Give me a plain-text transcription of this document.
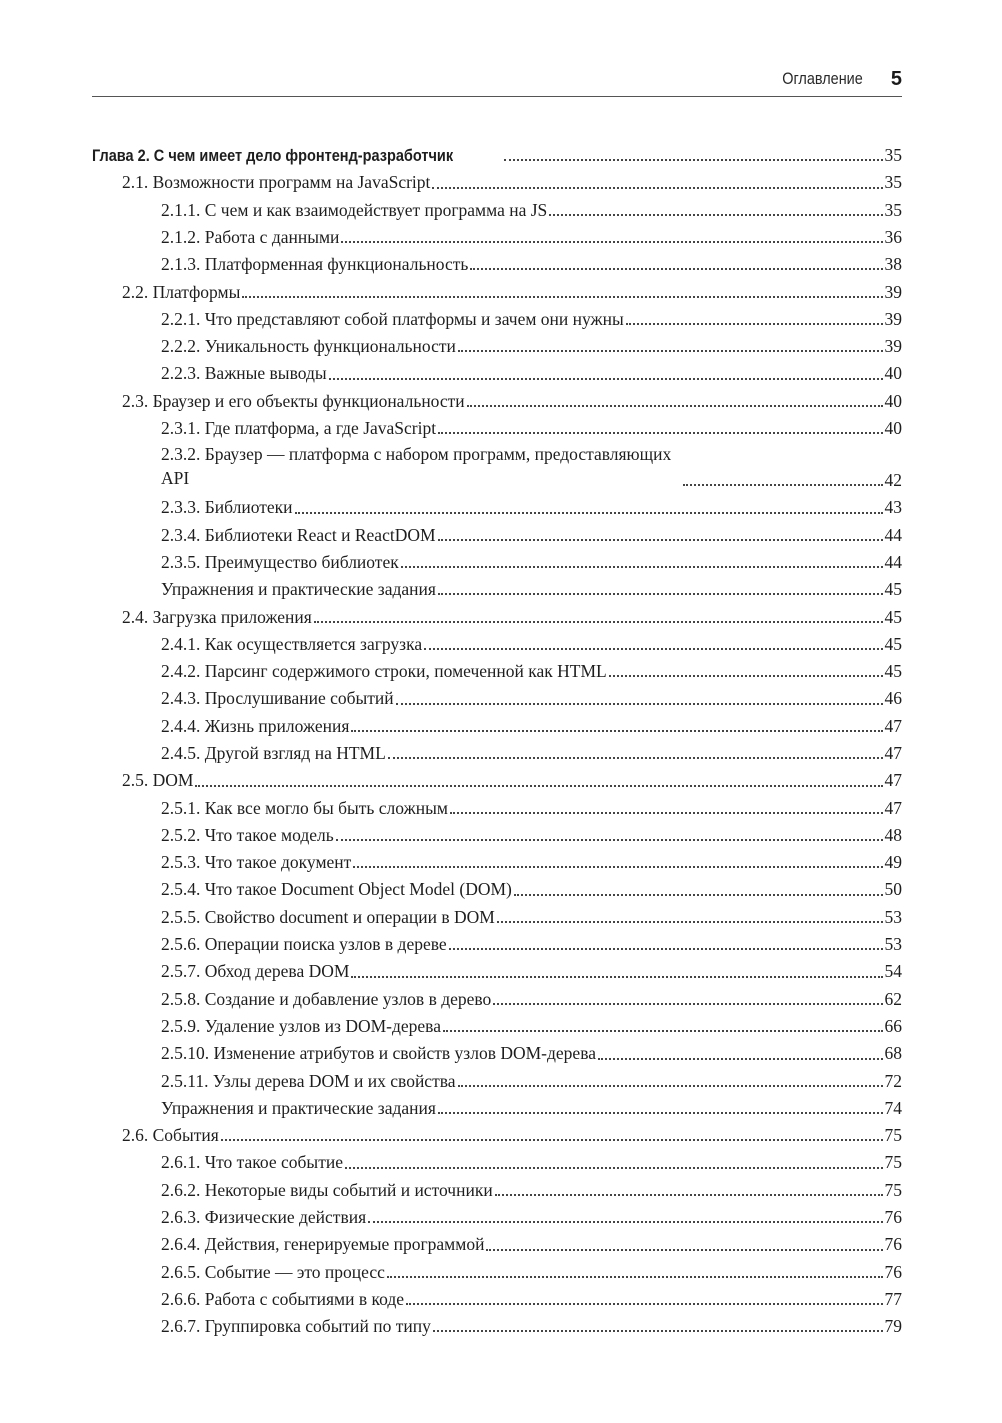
Оглавление 5
Глава 2. С чем имеет дело фронтенд-разработчик	35
2.1. Возможности программ на JavaScript	35
2.1.1. С чем и как взаимодействует программа на JS	35
2.1.2. Работа с данными	36
2.1.3. Платформенная функциональность	38
2.2. Платформы	39
2.2.1. Что представляют собой платформы и зачем они нужны	39
2.2.2. Уникальность функциональности	39
2.2.3. Важные выводы	40
2.3. Браузер и его объекты функциональности	40
2.3.1. Где платформа, а где JavaScript	40
2.3.2. Браузер — платформа с набором программ, предоставляющих API	42
2.3.3. Библиотеки	43
2.3.4. Библиотеки React и ReactDOM	44
2.3.5. Преимущество библиотек	44
Упражнения и практические задания	45
2.4. Загрузка приложения	45
2.4.1. Как осуществляется загрузка	45
2.4.2. Парсинг содержимого строки, помеченной как HTML	45
2.4.3. Прослушивание событий	46
2.4.4. Жизнь приложения	47
2.4.5. Другой взгляд на HTML	47
2.5. DOM	47
2.5.1. Как все могло бы быть сложным	47
2.5.2. Что такое модель	48
2.5.3. Что такое документ	49
2.5.4. Что такое Document Object Model (DOM)	50
2.5.5. Свойство document и операции в DOM	53
2.5.6. Операции поиска узлов в дереве	53
2.5.7. Обход дерева DOM	54
2.5.8. Создание и добавление узлов в дерево	62
2.5.9. Удаление узлов из DOM-дерева	66
2.5.10. Изменение атрибутов и свойств узлов DOM-дерева	68
2.5.11. Узлы дерева DOM и их свойства	72
Упражнения и практические задания	74
2.6. События	75
2.6.1. Что такое событие	75
2.6.2. Некоторые виды событий и источники	75
2.6.3. Физические действия	76
2.6.4. Действия, генерируемые программой	76
2.6.5. Событие — это процесс	76
2.6.6. Работа с событиями в коде	77
2.6.7. Группировка событий по типу	79
